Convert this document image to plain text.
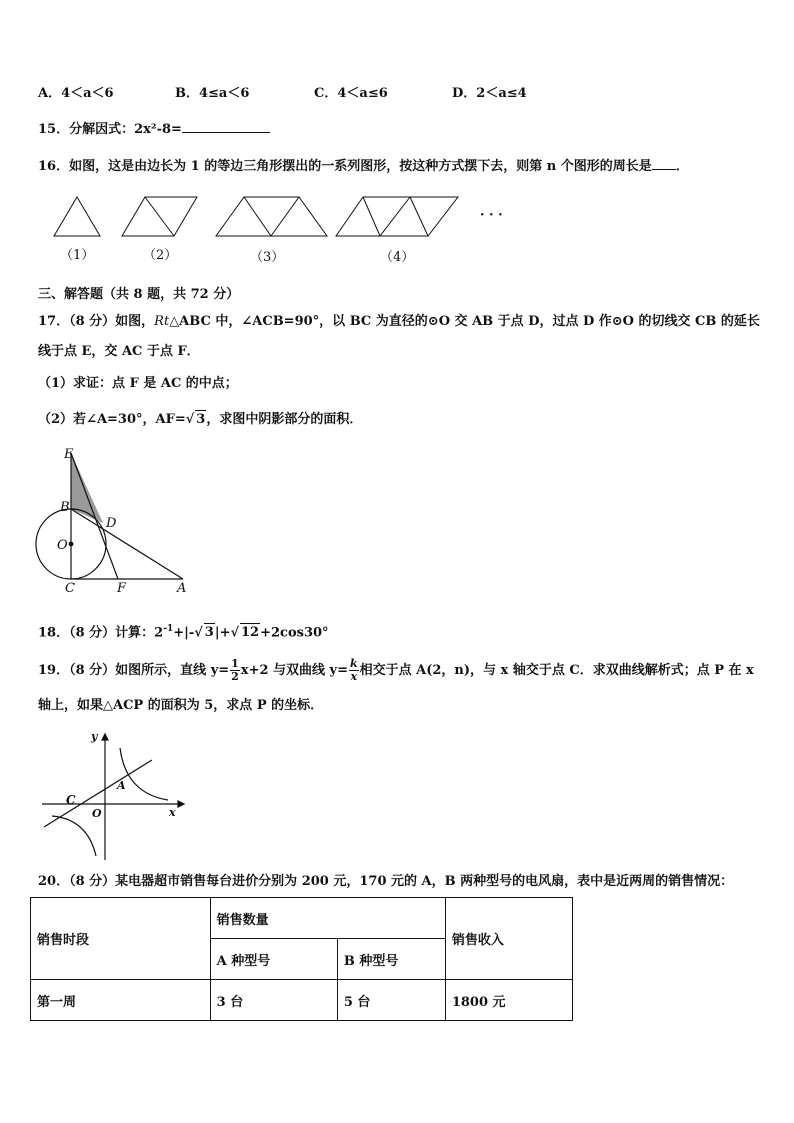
A．4＜a＜6	B．4≤a＜6	C．4＜a≤6	D．2＜a≤4
15．分解因式：2x²-8=
16．如图，这是由边长为 1 的等边三角形摆出的一系列图形，按这种方式摆下去，则第 n 个图形的周长是 ．
（1）	（2）	（3）	（4）
· · ·
三、解答题（共 8 题，共 72 分）
17．（8 分）如图，Rt△ABC 中，∠ACB=90°，以 BC 为直径的⊙O 交 AB 于点 D，过点 D 作⊙O 的切线交 CB 的延长
线于点 E，交 AC 于点 F．
（1）求证：点 F 是 AC 的中点；
（2）若∠A=30°，AF=√ 3，求图中阴影部分的面积．
E
B
D
O
C	F	A
18．（8 分）计算：$2^{-1}+|-√$ 3|+√ 12+2cos30°
19．（8 分）如图所示，直线 $y= \frac{1}{2} x+2$ 与双曲线 $y= \frac{k}{x}$ 相交于点 A(2，n)，与 x 轴交于点 C．求双曲线解析式；点 P 在 x
轴上，如果△ACP 的面积为 5，求点 P 的坐标．
y
x
A
C
O
20．（8 分）某电器超市销售每台进价分别为 200 元，170 元的 A，B 两种型号的电风扇，表中是近两周的销售情况：
销售时段	销售数量		销售收入
	A 种型号	B 种型号	
第一周	3 台	5 台	1800 元
